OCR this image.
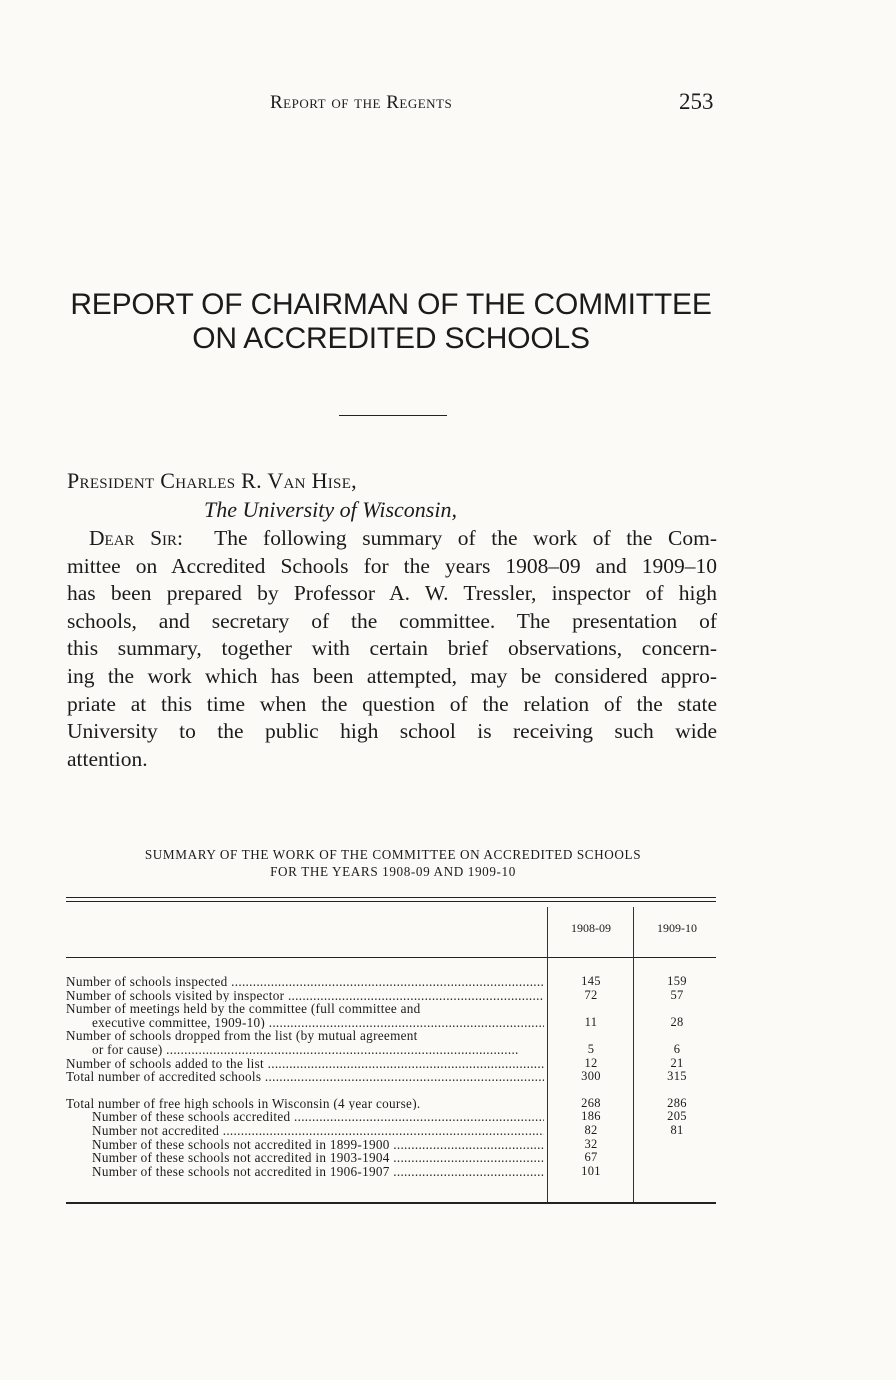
Report of the Regents	253
REPORT OF CHAIRMAN OF THE COMMITTEE
ON ACCREDITED SCHOOLS
President Charles R. Van Hise,
The University of Wisconsin,
Dear Sir: The following summary of the work of the Com-
mittee on Accredited Schools for the years 1908–09 and 1909–10
has been prepared by Professor A. W. Tressler, inspector of high
schools, and secretary of the committee. The presentation of
this summary, together with certain brief observations, concern-
ing the work which has been attempted, may be considered appro-
priate at this time when the question of the relation of the state
University to the public high school is receiving such wide
attention.
SUMMARY OF THE WORK OF THE COMMITTEE ON ACCREDITED SCHOOLS
FOR THE YEARS 1908-09 AND 1909-10
1908-09	1909-10
Number of schools inspected .....	145	159
Number of schools visited by inspector .....	72	57
Number of meetings held by the committee (full committee and
executive committee, 1909-10) .....	11	28
Number of schools dropped from the list (by mutual agreement
or for cause) .....	5	6
Number of schools added to the list .....	12	21
Total number of accredited schools .....	300	315
Total number of free high schools in Wisconsin (4 year course).	268	286
Number of these schools accredited .....	186	205
Number not accredited .....	82	81
Number of these schools not accredited in 1899-1900 .....	32
Number of these schools not accredited in 1903-1904 .....	67
Number of these schools not accredited in 1906-1907 .....	101
